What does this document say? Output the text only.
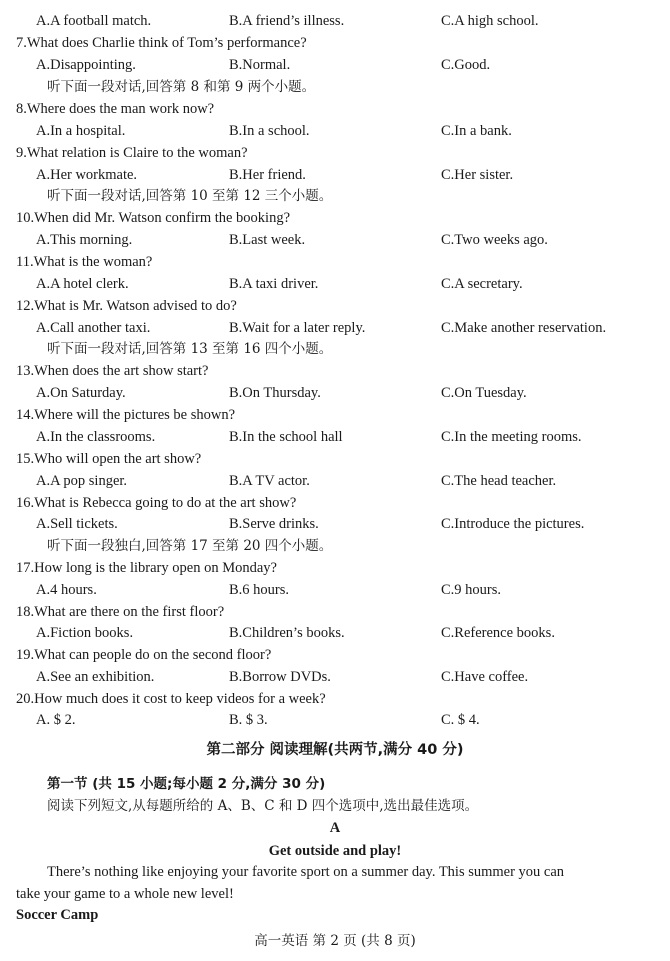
A.A football match.	B.A friend’s illness.	C.A high school.
7.What does Charlie think of Tom’s performance?
A.Disappointing.	B.Normal.	C.Good.
听下面一段对话,回答第 8 和第 9 两个小题。
8.Where does the man work now?
A.In a hospital.	B.In a school.	C.In a bank.
9.What relation is Claire to the woman?
A.Her workmate.	B.Her friend.	C.Her sister.
听下面一段对话,回答第 10 至第 12 三个小题。
10.When did Mr. Watson confirm the booking?
A.This morning.	B.Last week.	C.Two weeks ago.
11.What is the woman?
A.A hotel clerk.	B.A taxi driver.	C.A secretary.
12.What is Mr. Watson advised to do?
A.Call another taxi.	B.Wait for a later reply.	C.Make another reservation.
听下面一段对话,回答第 13 至第 16 四个小题。
13.When does the art show start?
A.On Saturday.	B.On Thursday.	C.On Tuesday.
14.Where will the pictures be shown?
A.In the classrooms.	B.In the school hall	C.In the meeting rooms.
15.Who will open the art show?
A.A pop singer.	B.A TV actor.	C.The head teacher.
16.What is Rebecca going to do at the art show?
A.Sell tickets.	B.Serve drinks.	C.Introduce the pictures.
听下面一段独白,回答第 17 至第 20 四个小题。
17.How long is the library open on Monday?
A.4 hours.	B.6 hours.	C.9 hours.
18.What are there on the first floor?
A.Fiction books.	B.Children’s books.	C.Reference books.
19.What can people do on the second floor?
A.See an exhibition.	B.Borrow DVDs.	C.Have coffee.
20.How much does it cost to keep videos for a week?
A. $ 2.	B. $ 3.	C. $ 4.
第二部分 阅读理解(共两节,满分 40 分)
第一节 (共 15 小题;每小题 2 分,满分 30 分)
阅读下列短文,从每题所给的 A、B、C 和 D 四个选项中,选出最佳选项。
A
Get outside and play!
There’s nothing like enjoying your favorite sport on a summer day. This summer you can
take your game to a whole new level!
Soccer Camp
高一英语 第 2 页 (共 8 页)
